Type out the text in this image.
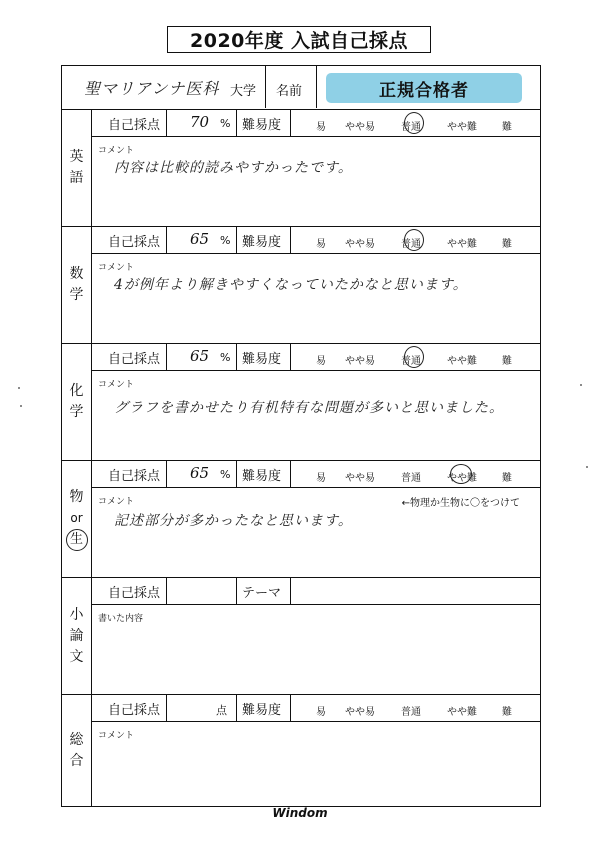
2020年度 入試自己採点
聖マリアンナ医科 大学 名前	正規合格者
英
語
自己採点 70 % 難易度	易 やや易	普通	やや難	難
コメント
内容は比較的読みやすかったです。
数
学
自己採点 65 % 難易度	易 やや易	普通	やや難	難
コメント
4が例年より解きやすくなっていたかなと思います。
化
学
自己採点 65 % 難易度	易 やや易	普通	やや難	難
コメント
グラフを書かせたり有机特有な問題が多いと思いました。
物
or
生
自己採点 65 % 難易度	易 やや易	普通	やや難	難
コメント	←物理か生物に〇をつけて
記述部分が多かったなと思います。
小
論
文
自己採点	テーマ
書いた内容
総
合
自己採点	点 難易度	易 やや易	普通	やや難	難
コメント
Windom
